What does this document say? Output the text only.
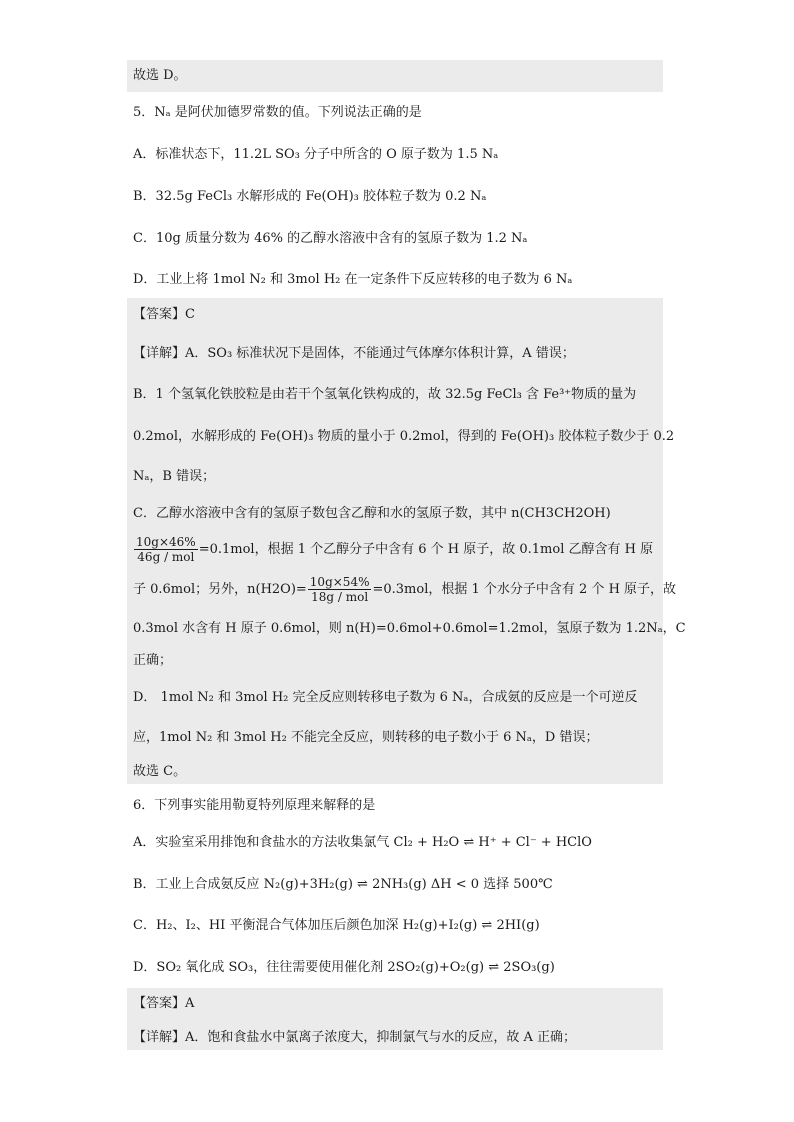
故选 D。
5．Nₐ 是阿伏加德罗常数的值。下列说法正确的是
A．标准状态下，11.2L SO₃ 分子中所含的 O 原子数为 1.5 Nₐ
B．32.5g FeCl₃ 水解形成的 Fe(OH)₃ 胶体粒子数为 0.2 Nₐ
C．10g 质量分数为 46% 的乙醇水溶液中含有的氢原子数为 1.2 Nₐ
D．工业上将 1mol N₂ 和 3mol H₂ 在一定条件下反应转移的电子数为 6 Nₐ
【答案】C
【详解】A．SO₃ 标准状况下是固体，不能通过气体摩尔体积计算，A 错误；
B．1 个氢氧化铁胶粒是由若干个氢氧化铁构成的，故 32.5g FeCl₃ 含 Fe³⁺物质的量为
0.2mol，水解形成的 Fe(OH)₃ 物质的量小于 0.2mol，得到的 Fe(OH)₃ 胶体粒子数少于 0.2
Nₐ，B 错误；
C．乙醇水溶液中含有的氢原子数包含乙醇和水的氢原子数，其中 n(CH3CH2OH)
$\frac{10g\times 46\%}{\text{46g / mol}} =0.1mol$，根据 1 个乙醇分子中含有 6 个 H 原子，故 0.1mol 乙醇含有 H 原
子 0.6mol；另外，$n(H2O)= \frac{10g\times 54\%}{\text{18g / mol}} =0.3mol$，根据 1 个水分子中含有 2 个 H 原子，故
0.3mol 水含有 H 原子 0.6mol，则 n(H)=0.6mol+0.6mol=1.2mol，氢原子数为 1.2Nₐ，C
正确；
D． 1mol N₂ 和 3mol H₂ 完全反应则转移电子数为 6 Nₐ，合成氨的反应是一个可逆反
应，1mol N₂ 和 3mol H₂ 不能完全反应，则转移的电子数小于 6 Nₐ，D 错误；
故选 C。
6．下列事实能用勒夏特列原理来解释的是
A．实验室采用排饱和食盐水的方法收集氯气 Cl₂ + H₂O ⇌ H⁺ + Cl⁻ + HClO
B．工业上合成氨反应 N₂(g)+3H₂(g) ⇌ 2NH₃(g) ΔH < 0 选择 500℃
C．H₂、I₂、HI 平衡混合气体加压后颜色加深 H₂(g)+I₂(g) ⇌ 2HI(g)
D．SO₂ 氧化成 SO₃，往往需要使用催化剂 2SO₂(g)+O₂(g) ⇌ 2SO₃(g)
【答案】A
【详解】A．饱和食盐水中氯离子浓度大，抑制氯气与水的反应，故 A 正确；
